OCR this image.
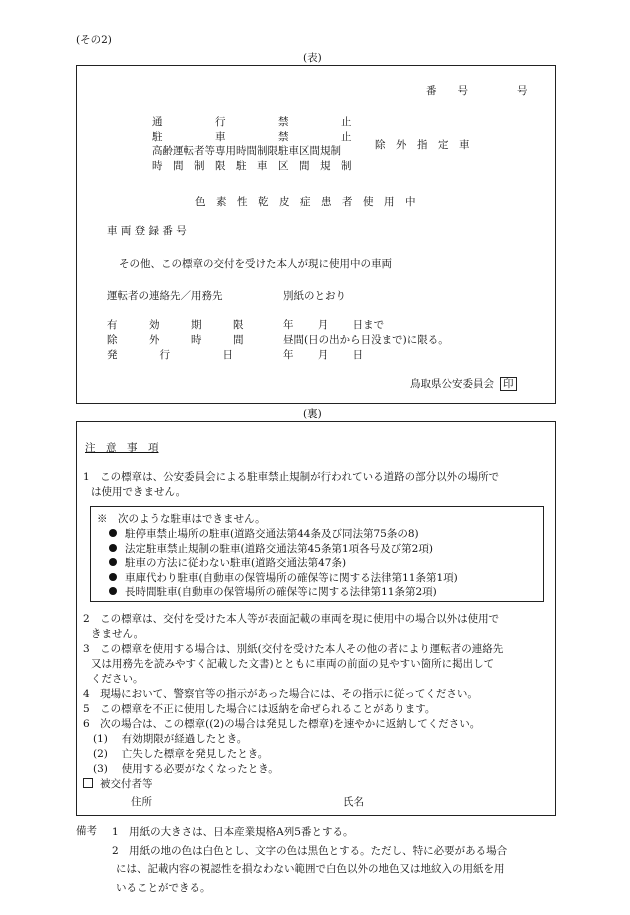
(その2)
(表)
番　　号	号
通　　　　　行　　　　　禁　　　　　止
駐　　　　　車　　　　　禁　　　　　止
高齢運転者等専用時間制限駐車区間規制
時　間　制　限　駐　車　区　間　規　制
除　外　指　定　車
色　素　性　乾　皮　症　患　者　使　用　中
車 両 登 録 番 号
その他、この標章の交付を受けた本人が現に使用中の車両
運転者の連絡先／用務先	別紙のとおり
有　　　効　　　期　　　限	年　　 月　　 日まで
除　　　外　　　時　　　間	昼間(日の出から日没まで)に限る。
発　　　　行　　　　　日	年　　 月　　 日
鳥取県公安委員会 印
(裏)
注　意　事　項
1　この標章は、公安委員会による駐車禁止規制が行われている道路の部分以外の場所で
は使用できません。
※　次のような駐車はできません。
駐停車禁止場所の駐車(道路交通法第44条及び同法第75条の8)
法定駐車禁止規制の駐車(道路交通法第45条第1項各号及び第2項)
駐車の方法に従わない駐車(道路交通法第47条)
車庫代わり駐車(自動車の保管場所の確保等に関する法律第11条第1項)
長時間駐車(自動車の保管場所の確保等に関する法律第11条第2項)
2　この標章は、交付を受けた本人等が表面記載の車両を現に使用中の場合以外は使用で
きません。
3　この標章を使用する場合は、別紙(交付を受けた本人その他の者により運転者の連絡先
又は用務先を読みやすく記載した文書)とともに車両の前面の見やすい箇所に掲出して
ください。
4　現場において、警察官等の指示があった場合には、その指示に従ってください。
5　この標章を不正に使用した場合には返納を命ぜられることがあります。
6　次の場合は、この標章((2)の場合は発見した標章)を速やかに返納してください。
(1)　 有効期限が経過したとき。
(2)　 亡失した標章を発見したとき。
(3)　 使用する必要がなくなったとき。
被交付者等
住所	氏名
備考 1　用紙の大きさは、日本産業規格A列5番とする。
2　用紙の地の色は白色とし、文字の色は黒色とする。ただし、特に必要がある場合
には、記載内容の視認性を損なわない範囲で白色以外の地色又は地紋入の用紙を用
いることができる。
